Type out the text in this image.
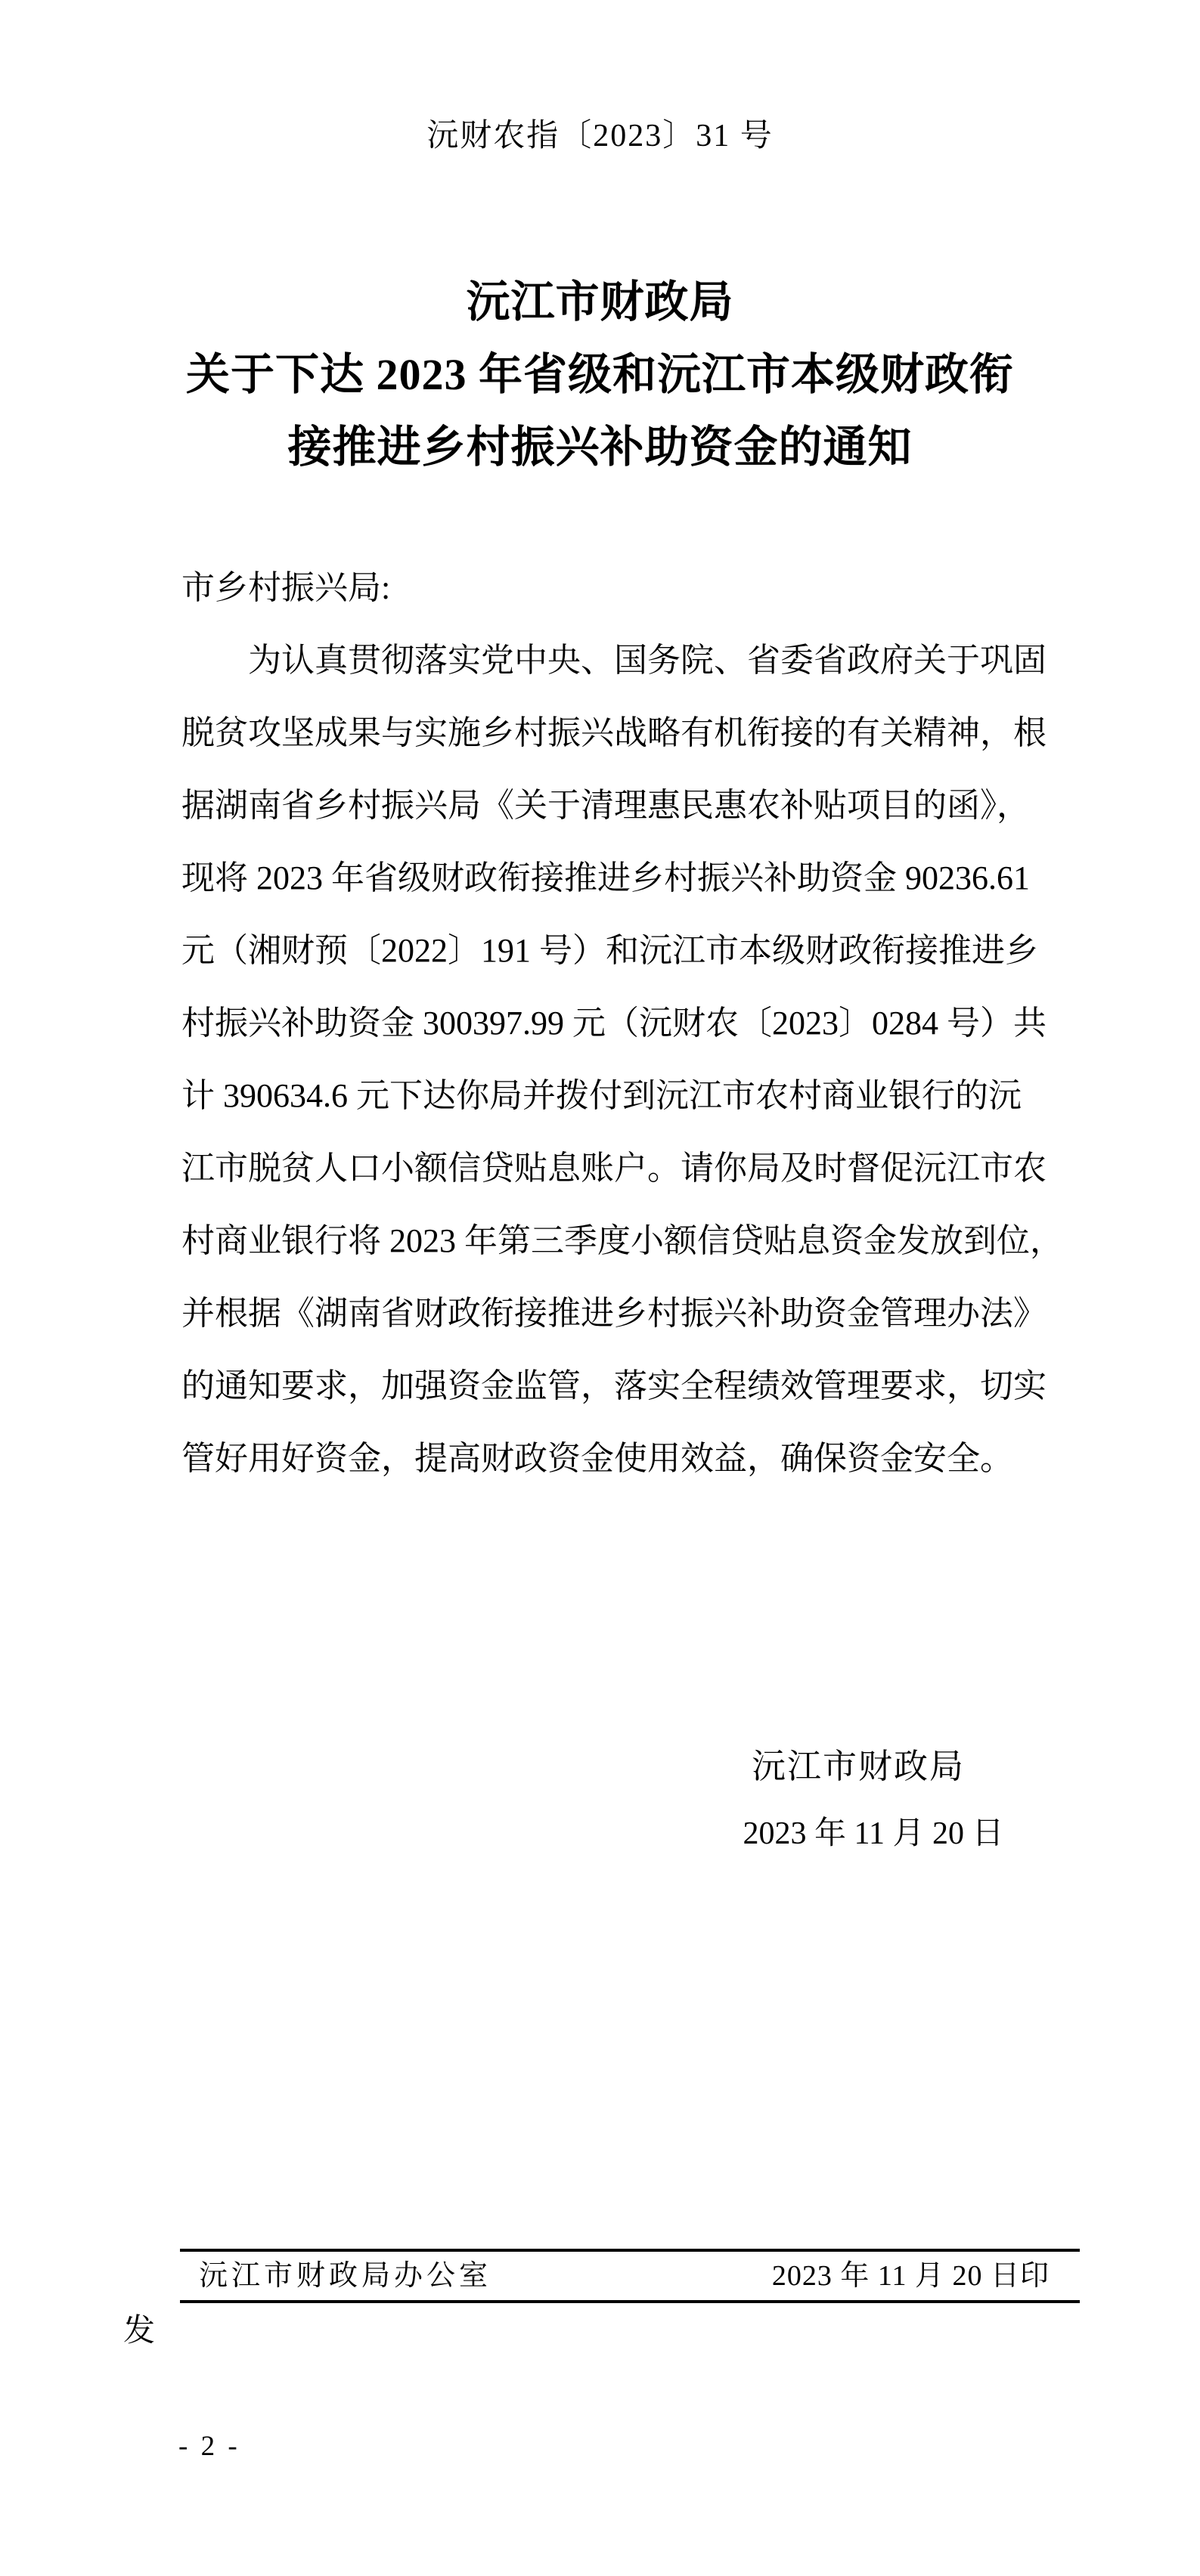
沅财农指〔2023〕31 号
沅江市财政局
关于下达 2023 年省级和沅江市本级财政衔
接推进乡村振兴补助资金的通知
市乡村振兴局:
为认真贯彻落实党中央、国务院、省委省政府关于巩固
脱贫攻坚成果与实施乡村振兴战略有机衔接的有关精神，根
据湖南省乡村振兴局《关于清理惠民惠农补贴项目的函》，
现将 2023 年省级财政衔接推进乡村振兴补助资金 90236.61
元（湘财预〔2022〕191 号）和沅江市本级财政衔接推进乡
村振兴补助资金 300397.99 元（沅财农〔2023〕0284 号）共
计 390634.6 元下达你局并拨付到沅江市农村商业银行的沅
江市脱贫人口小额信贷贴息账户。请你局及时督促沅江市农
村商业银行将 2023 年第三季度小额信贷贴息资金发放到位，
并根据《湖南省财政衔接推进乡村振兴补助资金管理办法》
的通知要求，加强资金监管，落实全程绩效管理要求，切实
管好用好资金，提高财政资金使用效益，确保资金安全。
沅江市财政局
2023 年 11 月 20 日
沅江市财政局办公室	2023 年 11 月 20 日印
发
- 2 -
